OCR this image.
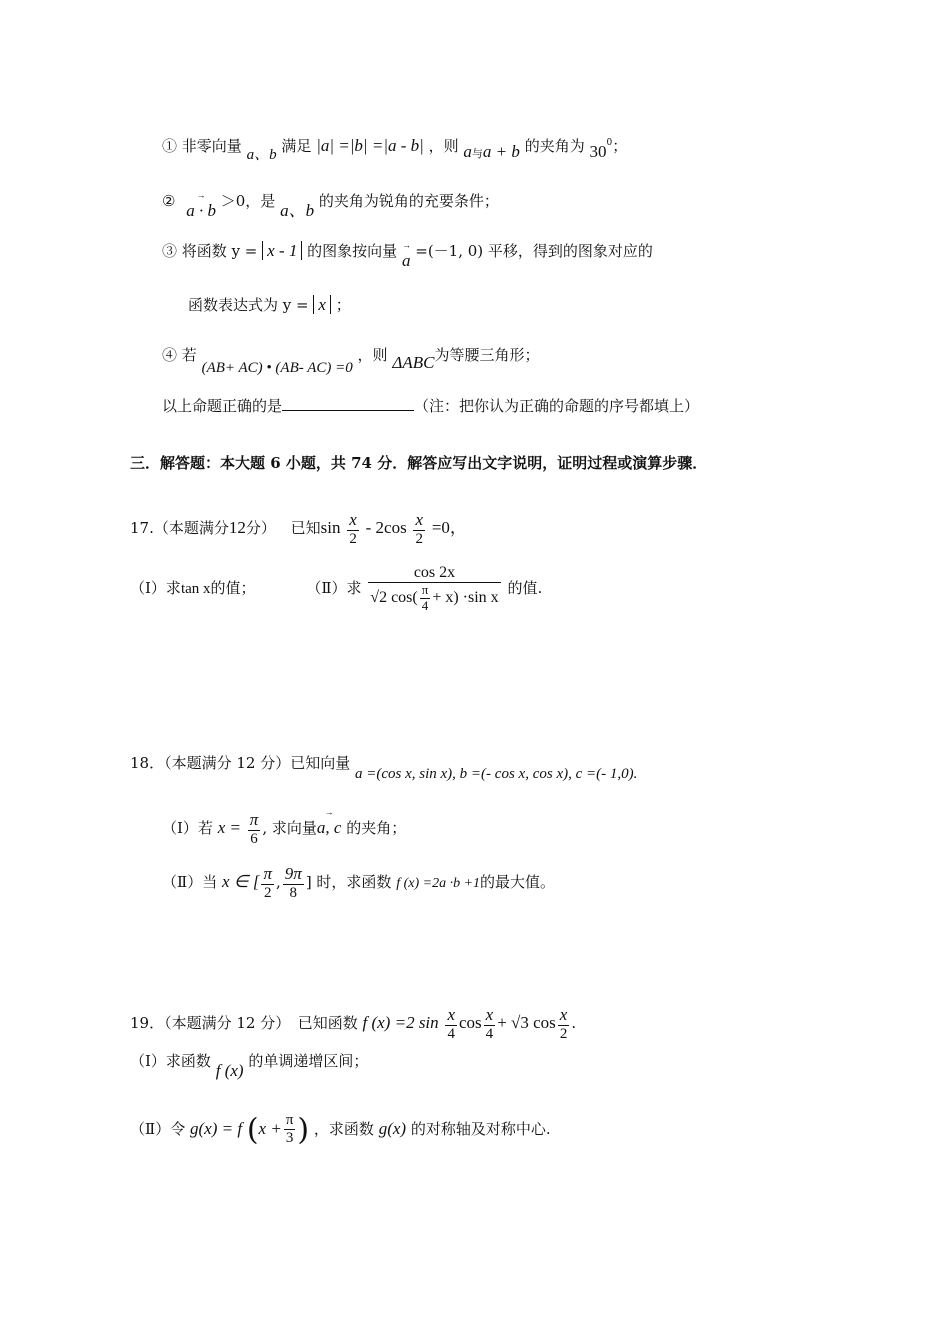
① 非零向量 a、b 满足 |a| =|b| =|a - b| ，则 $a_与a + b$ 的夹角为 $30^0$；
② → a · b ＞0，是 a、b 的夹角为锐角的充要条件；
③ 将函数 y = x - 1 的图象按向量 → a =(－1, 0) 平移，得到的图象对应的
函数表达式为 y = x ；
④ 若 (AB+ AC) • (AB- AC) =0 ，则 ΔABC为等腰三角形；
以上命题正确的是	（注：把你认为正确的命题的序号都填上）
三．解答题：本大题 6 小题，共 74 分．解答应写出文字说明，证明过程或演算步骤．
17.（本题满分12分） 已知$\sin \frac{x}{2} - 2\cos \frac{x}{2} =0$，
（Ⅰ）求tan x的值；	（Ⅱ）求 $\frac{\cos 2x}{√2 \cos( \frac{\pi}{4} + x) \cdot\sin x}$ 的值.
18．（本题满分 12 分）已知向量 a =(cos x, sin x), b =(- cos x, cos x), c =(- 1,0).
（Ⅰ）若 $x = \frac{\pi}{6}$ , 求向量→ a, c 的夹角；
（Ⅱ）当 x ∈ [ $\frac{\pi}{2}$ , $\frac{9\pi}{8}$ ] 时，求函数 f (x) =2a ·b +1的最大值。
19．（本题满分 12 分）　已知函数 f (x) =2 $\sin \frac{x}{4}$ $\cos \frac{x}{4} + √3$ $\cos \frac{x}{2}$ .
（Ⅰ）求函数 f (x) 的单调递增区间；
（Ⅱ）令 g(x) = f ($x + \frac{\pi}{3}$ ) ，求函数 g(x) 的对称轴及对称中心.
